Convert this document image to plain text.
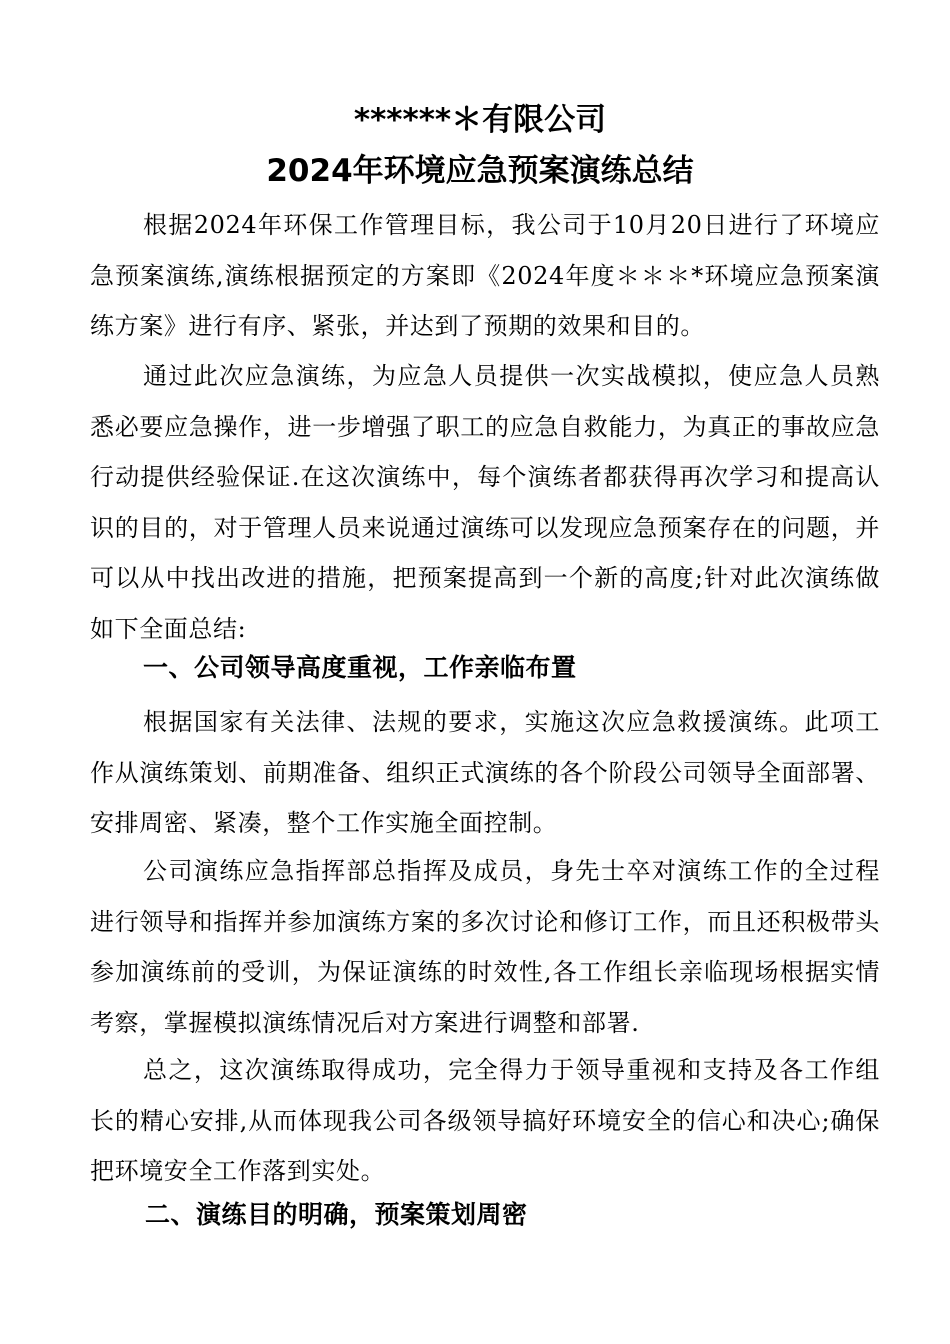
******＊有限公司
2024年环境应急预案演练总结

根据2024年环保工作管理目标，我公司于10月20日进行了环境应急预案演练,演练根据预定的方案即《2024年度＊＊＊*环境应急预案演练方案》进行有序、紧张，并达到了预期的效果和目的。

通过此次应急演练，为应急人员提供一次实战模拟，使应急人员熟悉必要应急操作，进一步增强了职工的应急自救能力，为真正的事故应急行动提供经验保证.在这次演练中，每个演练者都获得再次学习和提高认识的目的，对于管理人员来说通过演练可以发现应急预案存在的问题，并可以从中找出改进的措施，把预案提高到一个新的高度;针对此次演练做如下全面总结:

一、公司领导高度重视，工作亲临布置

根据国家有关法律、法规的要求，实施这次应急救援演练。此项工作从演练策划、前期准备、组织正式演练的各个阶段公司领导全面部署、安排周密、紧凑，整个工作实施全面控制。

公司演练应急指挥部总指挥及成员，身先士卒对演练工作的全过程进行领导和指挥并参加演练方案的多次讨论和修订工作，而且还积极带头参加演练前的受训，为保证演练的时效性,各工作组长亲临现场根据实情考察，掌握模拟演练情况后对方案进行调整和部署.

总之，这次演练取得成功，完全得力于领导重视和支持及各工作组长的精心安排,从而体现我公司各级领导搞好环境安全的信心和决心;确保把环境安全工作落到实处。

二、演练目的明确，预案策划周密
